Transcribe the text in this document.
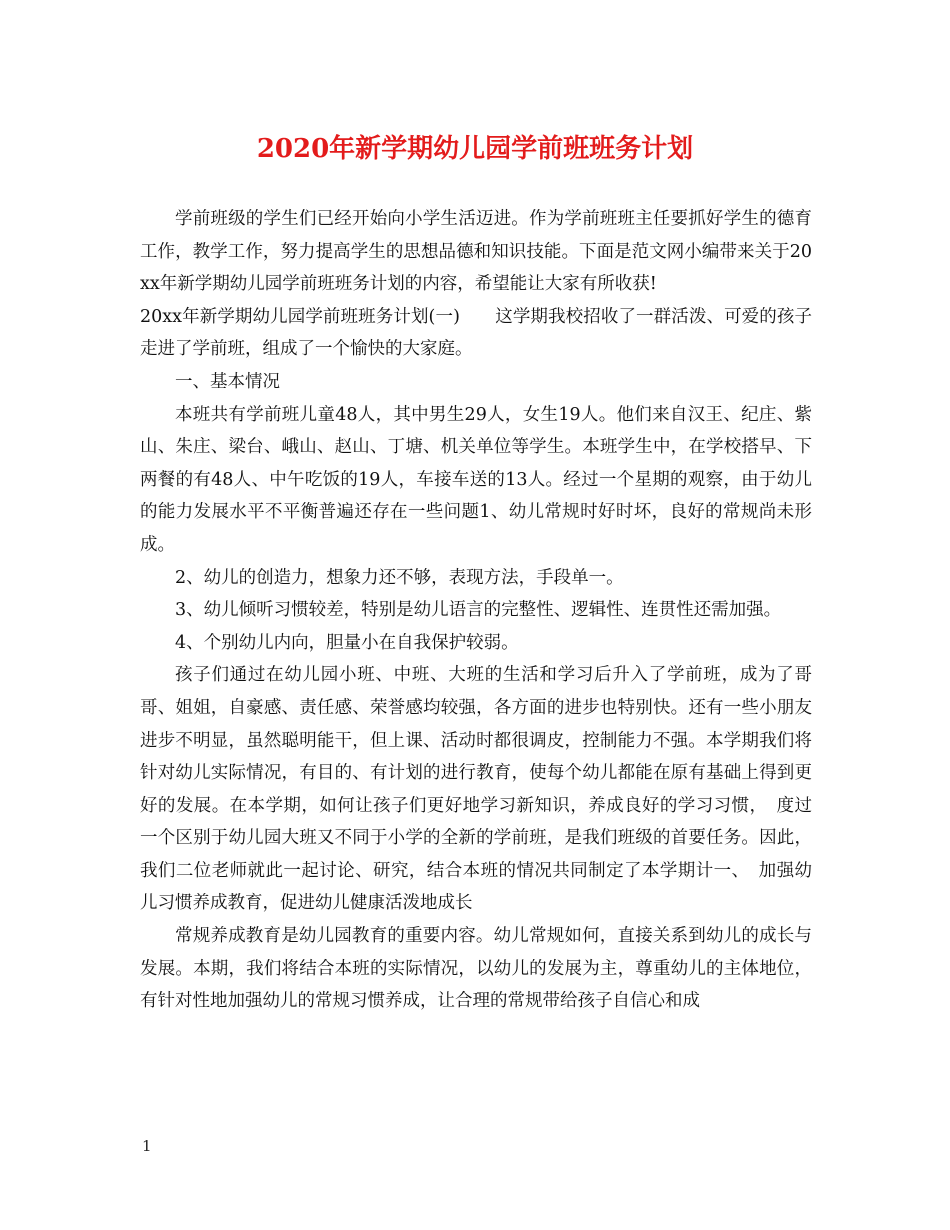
2020年新学期幼儿园学前班班务计划

学前班级的学生们已经开始向小学生活迈进。作为学前班班主任要抓好学生的德育工作，教学工作，努力提高学生的思想品德和知识技能。下面是范文网小编带来关于20xx年新学期幼儿园学前班班务计划的内容，希望能让大家有所收获!

20xx年新学期幼儿园学前班班务计划(一)　　这学期我校招收了一群活泼、可爱的孩子走进了学前班，组成了一个愉快的大家庭。

一、基本情况

本班共有学前班儿童48人，其中男生29人，女生19人。他们来自汉王、纪庄、紫山、朱庄、梁台、峨山、赵山、丁塘、机关单位等学生。本班学生中，在学校搭早、下两餐的有48人、中午吃饭的19人，车接车送的13人。经过一个星期的观察，由于幼儿的能力发展水平不平衡普遍还存在一些问题1、幼儿常规时好时坏，良好的常规尚未形成。

2、幼儿的创造力，想象力还不够，表现方法，手段单一。

3、幼儿倾听习惯较差，特别是幼儿语言的完整性、逻辑性、连贯性还需加强。

4、个别幼儿内向，胆量小在自我保护较弱。

孩子们通过在幼儿园小班、中班、大班的生活和学习后升入了学前班，成为了哥哥、姐姐，自豪感、责任感、荣誉感均较强，各方面的进步也特别快。还有一些小朋友进步不明显，虽然聪明能干，但上课、活动时都很调皮，控制能力不强。本学期我们将针对幼儿实际情况，有目的、有计划的进行教育，使每个幼儿都能在原有基础上得到更好的发展。在本学期，如何让孩子们更好地学习新知识，养成良好的学习习惯，　度过一个区别于幼儿园大班又不同于小学的全新的学前班，是我们班级的首要任务。因此，我们二位老师就此一起讨论、研究，结合本班的情况共同制定了本学期计一、　加强幼儿习惯养成教育，促进幼儿健康活泼地成长

常规养成教育是幼儿园教育的重要内容。幼儿常规如何，直接关系到幼儿的成长与发展。本期，我们将结合本班的实际情况，以幼儿的发展为主，尊重幼儿的主体地位，有针对性地加强幼儿的常规习惯养成，让合理的常规带给孩子自信心和成

1
